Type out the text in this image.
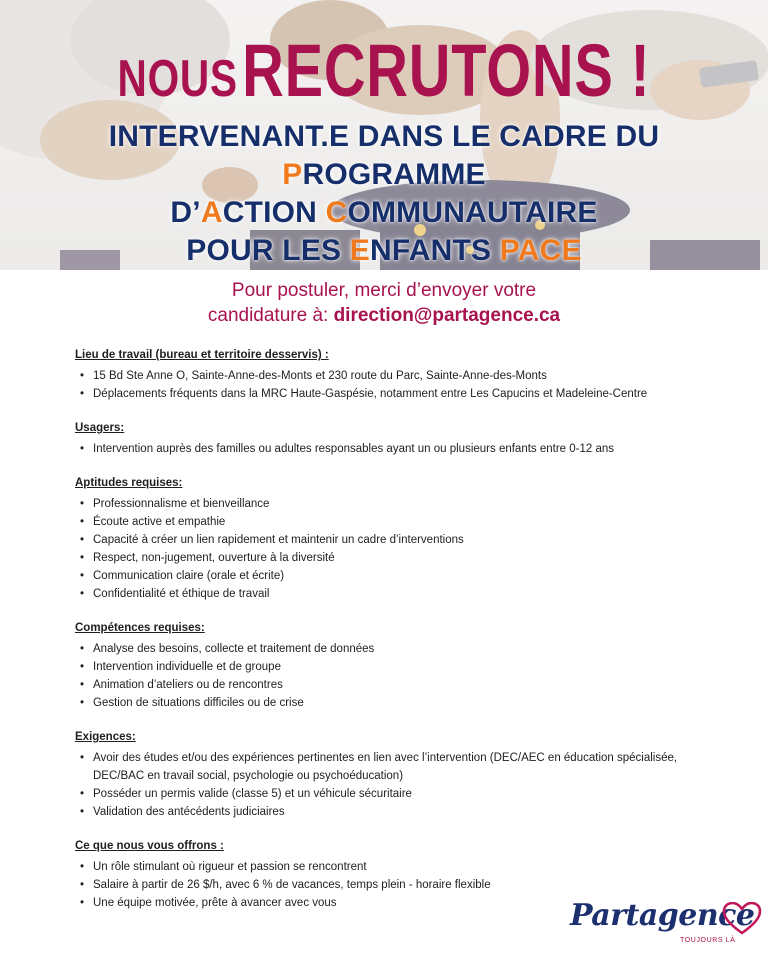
NOUS RECRUTONS !
INTERVENANT.E DANS LE CADRE DU
PROGRAMME
D’ACTION COMMUNAUTAIRE
POUR LES ENFANTS PACE
Pour postuler, merci d’envoyer votre
candidature à: direction@partagence.ca
Lieu de travail (bureau et territoire desservis) :
• 15 Bd Ste Anne O, Sainte-Anne-des-Monts et 230 route du Parc, Sainte-Anne-des-Monts
• Déplacements fréquents dans la MRC Haute-Gaspésie, notamment entre Les Capucins et Madeleine-Centre
Usagers:
• Intervention auprès des familles ou adultes responsables ayant un ou plusieurs enfants entre 0-12 ans
Aptitudes requises:
• Professionnalisme et bienveillance
• Écoute active et empathie
• Capacité à créer un lien rapidement et maintenir un cadre d’interventions
• Respect, non-jugement, ouverture à la diversité
• Communication claire (orale et écrite)
• Confidentialité et éthique de travail
Compétences requises:
• Analyse des besoins, collecte et traitement de données
• Intervention individuelle et de groupe
• Animation d’ateliers ou de rencontres
• Gestion de situations difficiles ou de crise
Exigences:
• Avoir des études et/ou des expériences pertinentes en lien avec l’intervention (DEC/AEC en éducation spécialisée, DEC/BAC en travail social, psychologie ou psychoéducation)
• Posséder un permis valide (classe 5) et un véhicule sécuritaire
• Validation des antécédents judiciaires
Ce que nous vous offrons :
• Un rôle stimulant où rigueur et passion se rencontrent
• Salaire à partir de 26 $/h, avec 6 % de vacances, temps plein - horaire flexible
• Une équipe motivée, prête à avancer avec vous	Partagence
TOUJOURS LÀ
